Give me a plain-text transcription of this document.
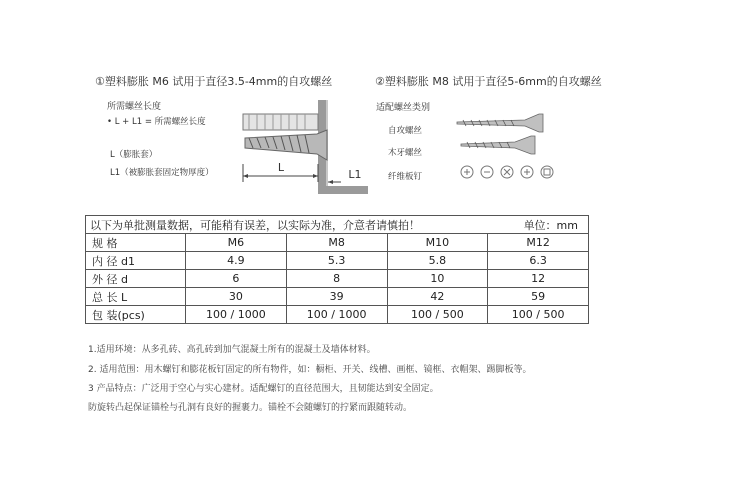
①塑料膨胀 M6 试用于直径3.5-4mm的自攻螺丝
所需螺丝长度
• L + L1 = 所需螺丝长度
L（膨胀套）
L1（被膨胀套固定物厚度）	L
L1
②塑料膨胀 M8 试用于直径5-6mm的自攻螺丝
适配螺丝类别
自攻螺丝
木牙螺丝
纤维板钉
以下为单批测量数据，可能稍有误差，以实际为准，介意者请慎拍！ 单位：mm				

规 格	M6	M8	M10	M12
内 径 d1	4.9	5.3	5.8	6.3
外 径 d	6	8	10	12
总 长 L	30	39	42	59
包 装(pcs)	100 / 1000	100 / 1000	100 / 500	100 / 500
1.适用环境：从多孔砖、高孔砖到加气混凝土所有的混凝土及墙体材料。
2. 适用范围：用木螺钉和膨花板钉固定的所有物件，如：橱柜、开关、线槽、画框、镜框、衣帽架、踢脚板等。
3 产品特点：广泛用于空心与实心建材。适配螺钉的直径范围大，且韧能达到安全固定。
防旋转凸起保证锚栓与孔洞有良好的握裹力。锚栓不会随螺钉的拧紧而跟随转动。
